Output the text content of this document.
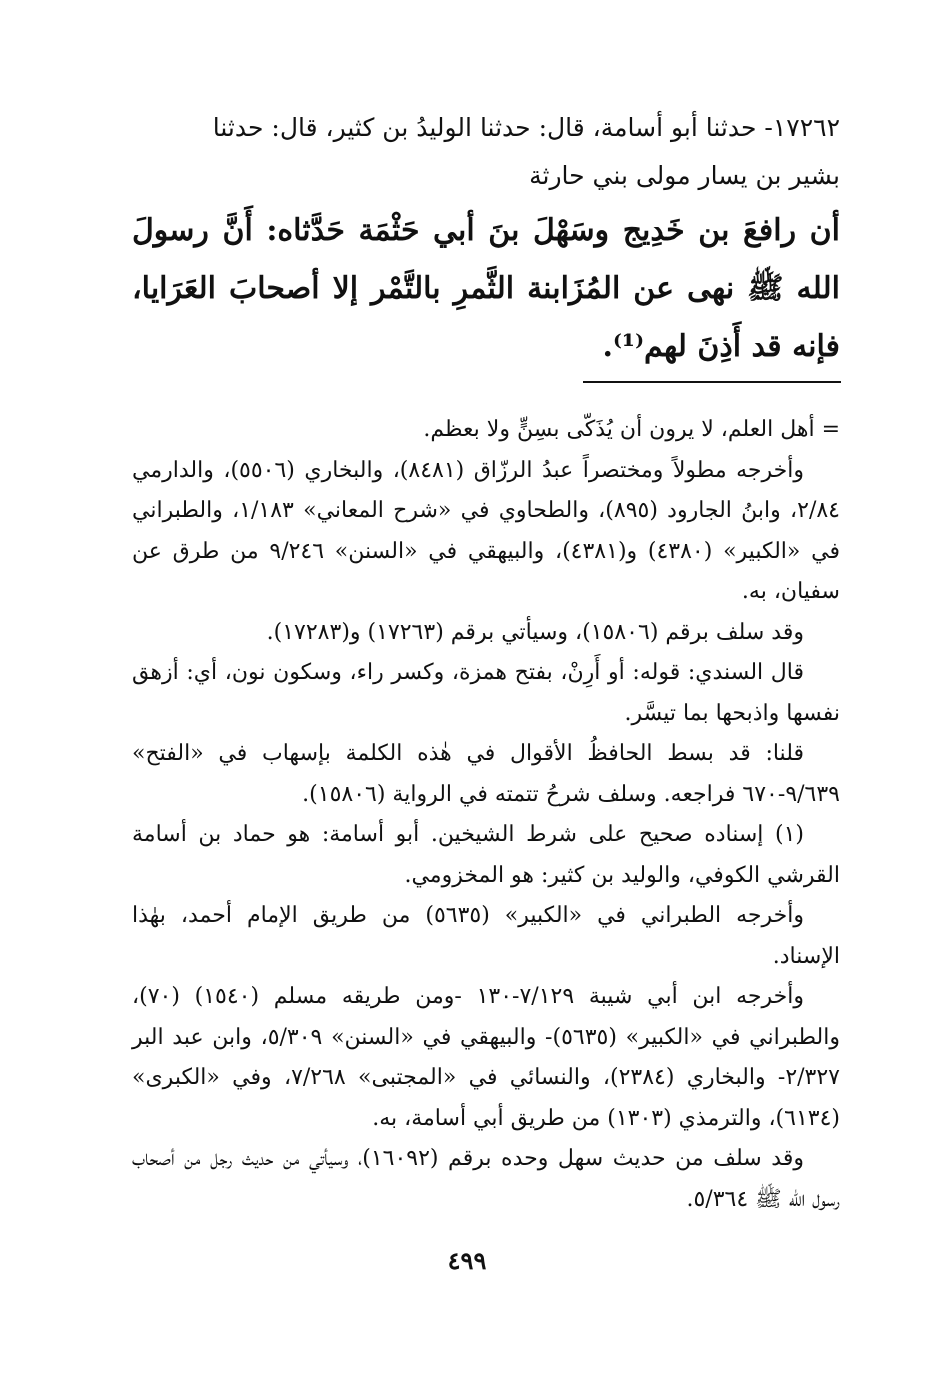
١٧٢٦٢- حدثنا أبو أسامة، قال: حدثنا الوليدُ بن كثير، قال: حدثنا
بشير بن يسار مولى بني حارثة

أن رافعَ بن خَدِيج وسَهْلَ بنَ أبي حَثْمَة حَدَّثاه: أَنَّ رسولَ الله ﷺ نهى عن المُزَابنة الثَّمرِ بالتَّمْر إلا أصحابَ العَرَايا، فإنه قد أَذِنَ لهم⁽¹⁾.

= أهل العلم، لا يرون أن يُذَكّى بسِنٍّ ولا بعظم.

وأخرجه مطولاً ومختصراً عبدُ الرزّاق (٨٤٨١)، والبخاري (٥٥٠٦)، والدارمي ٢/٨٤، وابنُ الجارود (٨٩٥)، والطحاوي في «شرح المعاني» ١/١٨٣، والطبراني في «الكبير» (٤٣٨٠) و(٤٣٨١)، والبيهقي في «السنن» ٩/٢٤٦ من طرق عن سفيان، به.

وقد سلف برقم (١٥٨٠٦)، وسيأتي برقم (١٧٢٦٣) و(١٧٢٨٣).

قال السندي: قوله: أو أَرِنْ، بفتح همزة، وكسر راء، وسكون نون، أي: أزهق نفسها واذبحها بما تيسَّر.

قلنا: قد بسط الحافظُ الأقوال في هٰذه الكلمة بإسهاب في «الفتح» ٩/٦٣٩-٦٧٠ فراجعه. وسلف شرحُ تتمته في الرواية (١٥٨٠٦).

(١) إسناده صحيح على شرط الشيخين. أبو أسامة: هو حماد بن أسامة القرشي الكوفي، والوليد بن كثير: هو المخزومي.

وأخرجه الطبراني في «الكبير» (٥٦٣٥) من طريق الإمام أحمد، بهٰذا الإسناد.

وأخرجه ابن أبي شيبة ٧/١٢٩-١٣٠ -ومن طريقه مسلم (١٥٤٠) (٧٠)، والطبراني في «الكبير» (٥٦٣٥)- والبيهقي في «السنن» ٥/٣٠٩، وابن عبد البر ٢/٣٢٧- والبخاري (٢٣٨٤)، والنسائي في «المجتبى» ٧/٢٦٨، وفي «الكبرى» (٦١٣٤)، والترمذي (١٣٠٣) من طريق أبي أسامة، به.

وقد سلف من حديث سهل وحده برقم (١٦٠٩٢)، وسيأتي من حديث رجل من أصحاب رسول الله ﷺ ٥/٣٦٤.

٤٩٩
